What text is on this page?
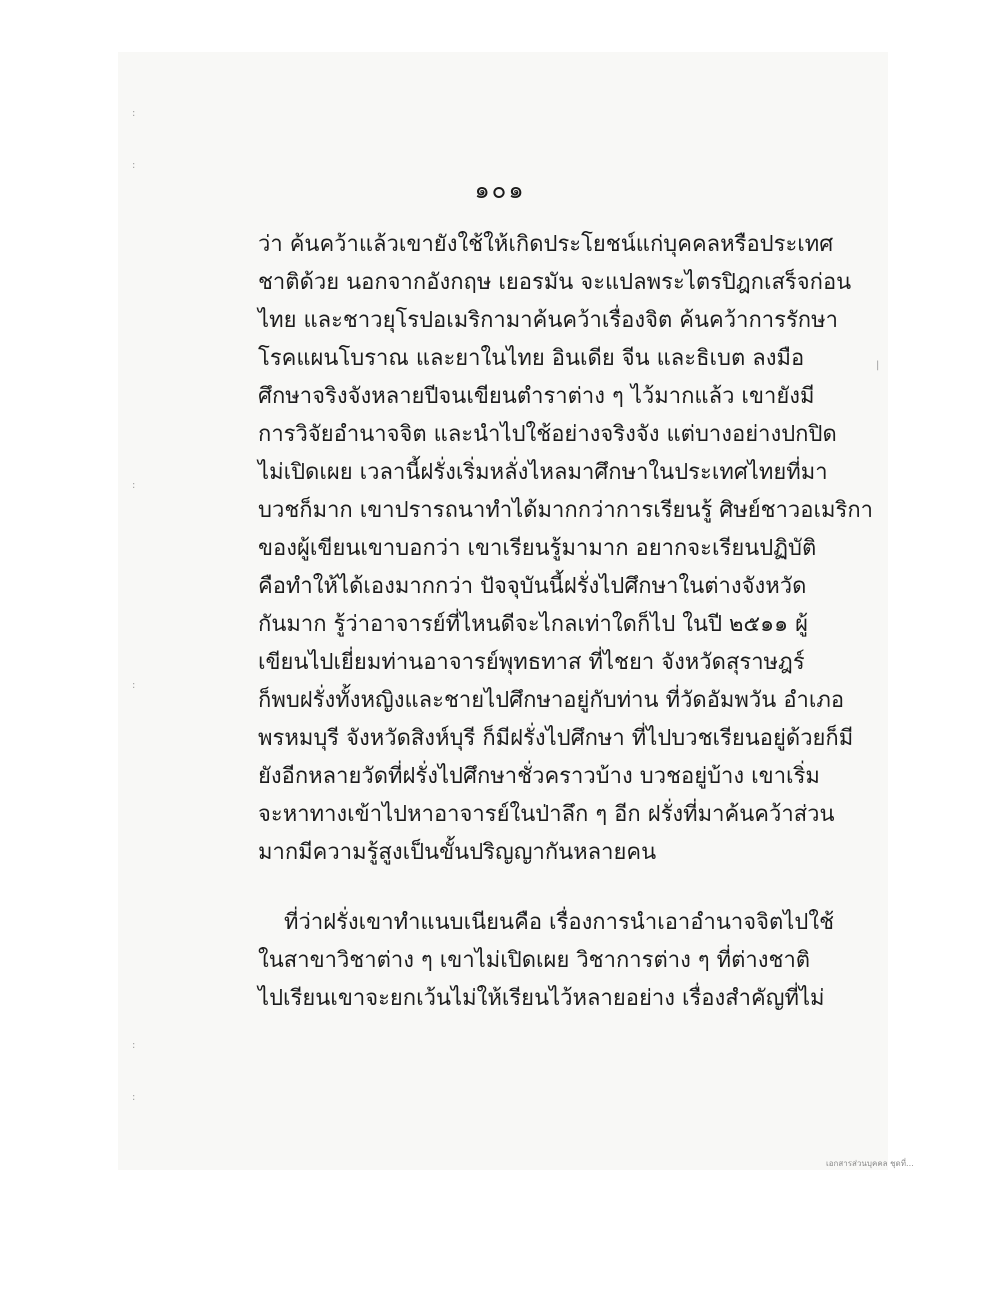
:
:
:
:
:
:
|
๑๐๑
ว่า ค้นคว้าแล้วเขายังใช้ให้เกิดประโยชน์แก่บุคคลหรือประเทศ
ชาติด้วย นอกจากอังกฤษ เยอรมัน จะแปลพระไตรปิฎกเสร็จก่อน
ไทย และชาวยุโรปอเมริกามาค้นคว้าเรื่องจิต ค้นคว้าการรักษา
โรคแผนโบราณ และยาในไทย อินเดีย จีน และธิเบต ลงมือ
ศึกษาจริงจังหลายปีจนเขียนตำราต่าง ๆ ไว้มากแล้ว เขายังมี
การวิจัยอำนาจจิต และนำไปใช้อย่างจริงจัง แต่บางอย่างปกปิด
ไม่เปิดเผย เวลานี้ฝรั่งเริ่มหลั่งไหลมาศึกษาในประเทศไทยที่มา
บวชก็มาก เขาปรารถนาทำได้มากกว่าการเรียนรู้ ศิษย์ชาวอเมริกา
ของผู้เขียนเขาบอกว่า เขาเรียนรู้มามาก อยากจะเรียนปฏิบัติ
คือทำให้ได้เองมากกว่า ปัจจุบันนี้ฝรั่งไปศึกษาในต่างจังหวัด
กันมาก รู้ว่าอาจารย์ที่ไหนดีจะไกลเท่าใดก็ไป ในปี ๒๕๑๑ ผู้
เขียนไปเยี่ยมท่านอาจารย์พุทธทาส ที่ไชยา จังหวัดสุราษฎร์
ก็พบฝรั่งทั้งหญิงและชายไปศึกษาอยู่กับท่าน ที่วัดอัมพวัน อำเภอ
พรหมบุรี จังหวัดสิงห์บุรี ก็มีฝรั่งไปศึกษา ที่ไปบวชเรียนอยู่ด้วยก็มี
ยังอีกหลายวัดที่ฝรั่งไปศึกษาชั่วคราวบ้าง บวชอยู่บ้าง เขาเริ่ม
จะหาทางเข้าไปหาอาจารย์ในป่าลึก ๆ อีก ฝรั่งที่มาค้นคว้าส่วน
มากมีความรู้สูงเป็นขั้นปริญญากันหลายคน
ที่ว่าฝรั่งเขาทำแนบเนียนคือ เรื่องการนำเอาอำนาจจิตไปใช้
ในสาขาวิชาต่าง ๆ เขาไม่เปิดเผย วิชาการต่าง ๆ ที่ต่างชาติ
ไปเรียนเขาจะยกเว้นไม่ให้เรียนไว้หลายอย่าง เรื่องสำคัญที่ไม่
เอกสารส่วนบุคคล ชุดที่...
